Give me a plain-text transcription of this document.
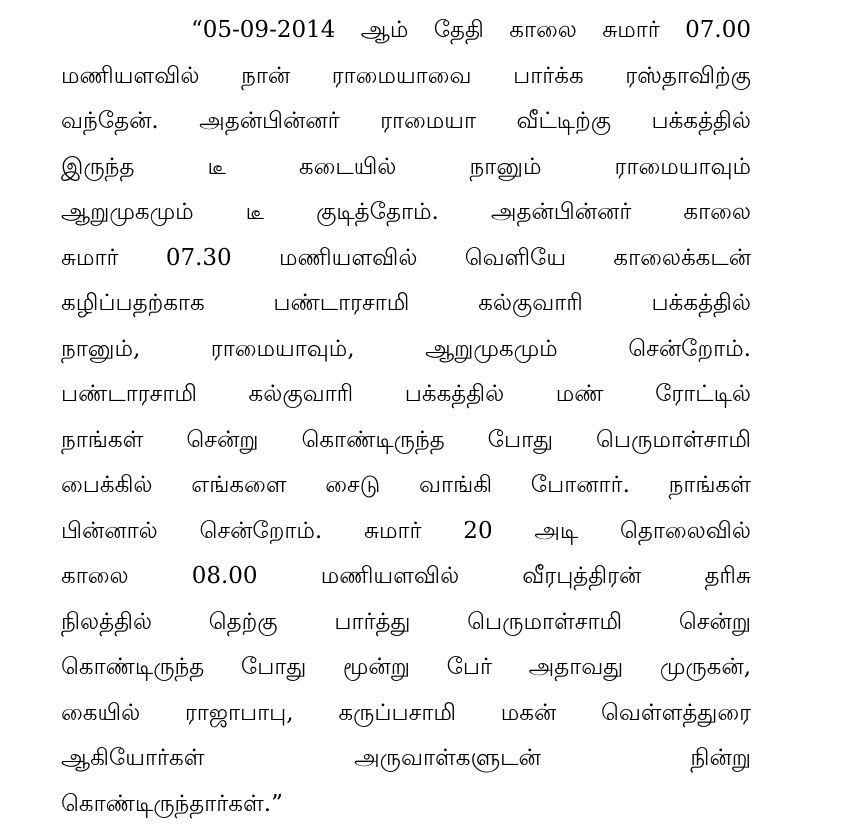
“05-09-2014 ஆம் தேதி காலை சுமார் 07.00
மணியளவில் நான் ராமையாவை பார்க்க ரஸ்தாவிற்கு
வந்தேன். அதன்பின்னர் ராமையா வீட்டிற்கு பக்கத்தில்
இருந்த டீ கடையில் நானும் ராமையாவும்
ஆறுமுகமும் டீ குடித்தோம். அதன்பின்னர் காலை
சுமார் 07.30 மணியளவில் வெளியே காலைக்கடன்
கழிப்பதற்காக பண்டாரசாமி கல்குவாரி பக்கத்தில்
நானும், ராமையாவும், ஆறுமுகமும் சென்றோம்.
பண்டாரசாமி கல்குவாரி பக்கத்தில் மண் ரோட்டில்
நாங்கள் சென்று கொண்டிருந்த போது பெருமாள்சாமி
பைக்கில் எங்களை சைடு வாங்கி போனார். நாங்கள்
பின்னால் சென்றோம். சுமார் 20 அடி தொலைவில்
காலை 08.00 மணியளவில் வீரபுத்திரன் தரிசு
நிலத்தில் தெற்கு பார்த்து பெருமாள்சாமி சென்று
கொண்டிருந்த போது மூன்று பேர் அதாவது முருகன்,
கையில் ராஜாபாபு, கருப்பசாமி மகன் வெள்ளத்துரை
ஆகியோர்கள் அருவாள்களுடன் நின்று
கொண்டிருந்தார்கள்.”
